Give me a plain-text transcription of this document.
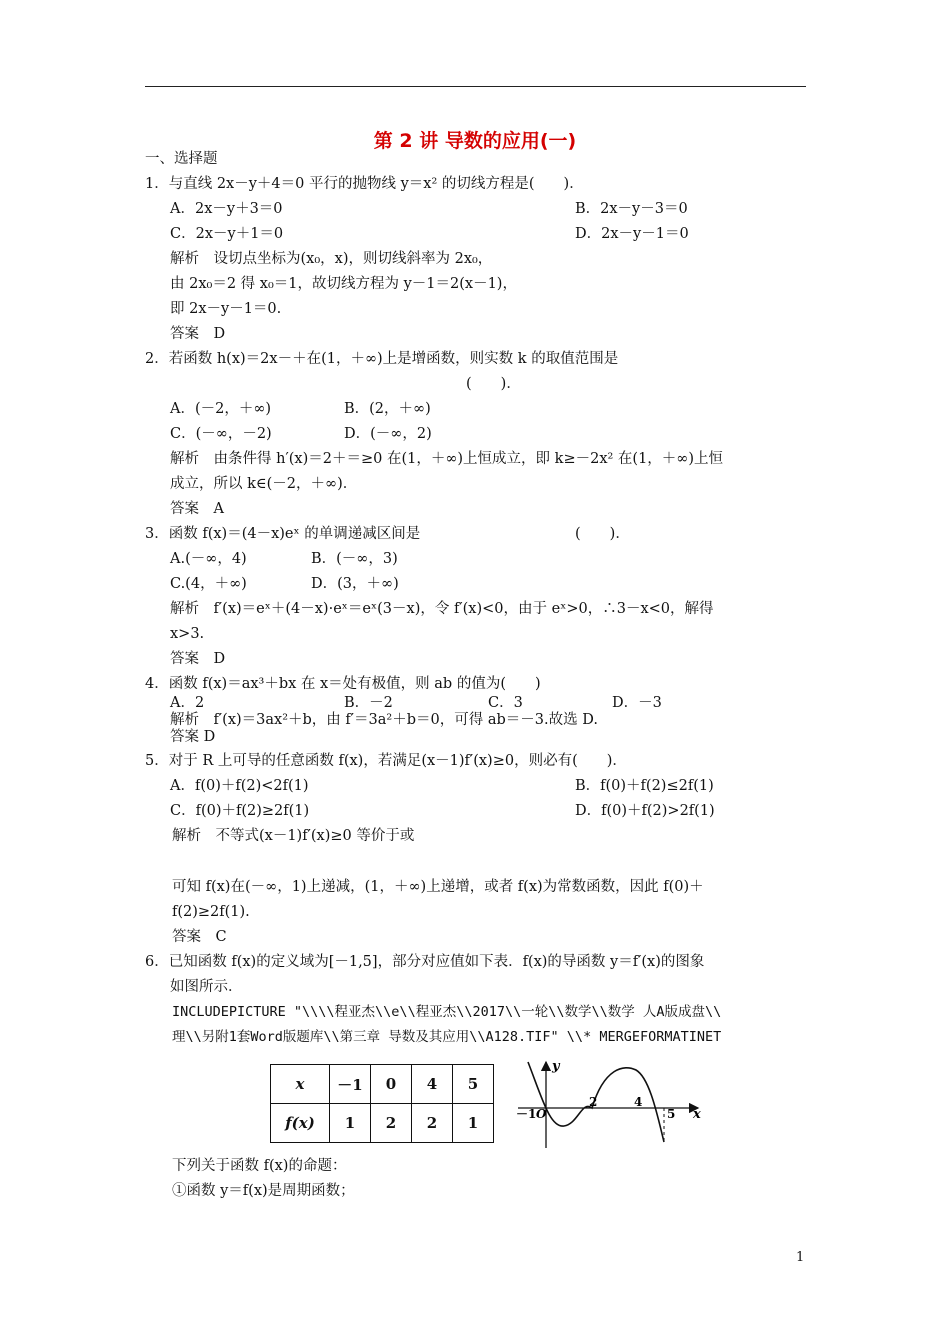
第 2 讲 导数的应用(一)
一、选择题
1．与直线 2x－y＋4＝0 平行的抛物线 y＝x² 的切线方程是(　　)．
A．2x－y＋3＝0	B．2x－y－3＝0
C．2x－y＋1＝0	D．2x－y－1＝0
解析　设切点坐标为(x₀，x)，则切线斜率为 2x₀，
由 2x₀＝2 得 x₀＝1，故切线方程为 y－1＝2(x－1)，
即 2x－y－1＝0.
答案　D
2．若函数 h(x)＝2x－＋在(1，＋∞)上是增函数，则实数 k 的取值范围是
(　　)．
A．(－2，＋∞)	B．(2，＋∞)
C．(－∞，－2)	D．(－∞，2)
解析　由条件得 h′(x)＝2＋＝≥0 在(1，＋∞)上恒成立，即 k≥－2x² 在(1，＋∞)上恒
成立，所以 k∈(－2，＋∞)．
答案　A
3．函数 f(x)＝(4－x)eˣ 的单调递减区间是	(　　)．
A.(－∞，4)	B．(－∞，3)
C.(4，＋∞)	D．(3，＋∞)
解析　f′(x)＝eˣ＋(4－x)·eˣ＝eˣ(3－x)，令 f′(x)<0，由于 eˣ>0，∴3－x<0，解得
x>3.
答案　D
4．函数 f(x)＝ax³＋bx 在 x＝处有极值，则 ab 的值为(　　)
A．2	B．－2	C．3	D．－3
解析　f′(x)＝3ax²＋b，由 f′＝3a²＋b＝0，可得 ab＝－3.故选 D.
答案 D
5．对于 R 上可导的任意函数 f(x)，若满足(x－1)f′(x)≥0，则必有(　　)．
A．f(0)＋f(2)<2f(1)	B．f(0)＋f(2)≤2f(1)
C．f(0)＋f(2)≥2f(1)	D．f(0)＋f(2)>2f(1)
解析　不等式(x－1)f′(x)≥0 等价于或
可知 f(x)在(－∞，1)上递减，(1，＋∞)上递增，或者 f(x)为常数函数，因此 f(0)＋
f(2)≥2f(1).
答案　C
6．已知函数 f(x)的定义域为[－1,5]，部分对应值如下表．f(x)的导函数 y＝f′(x)的图象
如图所示．
INCLUDEPICTURE "\\\\程亚杰\\e\\程亚杰\\2017\\一轮\\数学\\数学 人A版成盘\\
理\\另附1套Word版题库\\第三章 导数及其应用\\A128.TIF" \\* MERGEFORMATINET
x	－1	0	4	5
f(x)	1	2	2	1
y
x
－1 O
2	4
5
下列关于函数 f(x)的命题：
①函数 y＝f(x)是周期函数；
1
